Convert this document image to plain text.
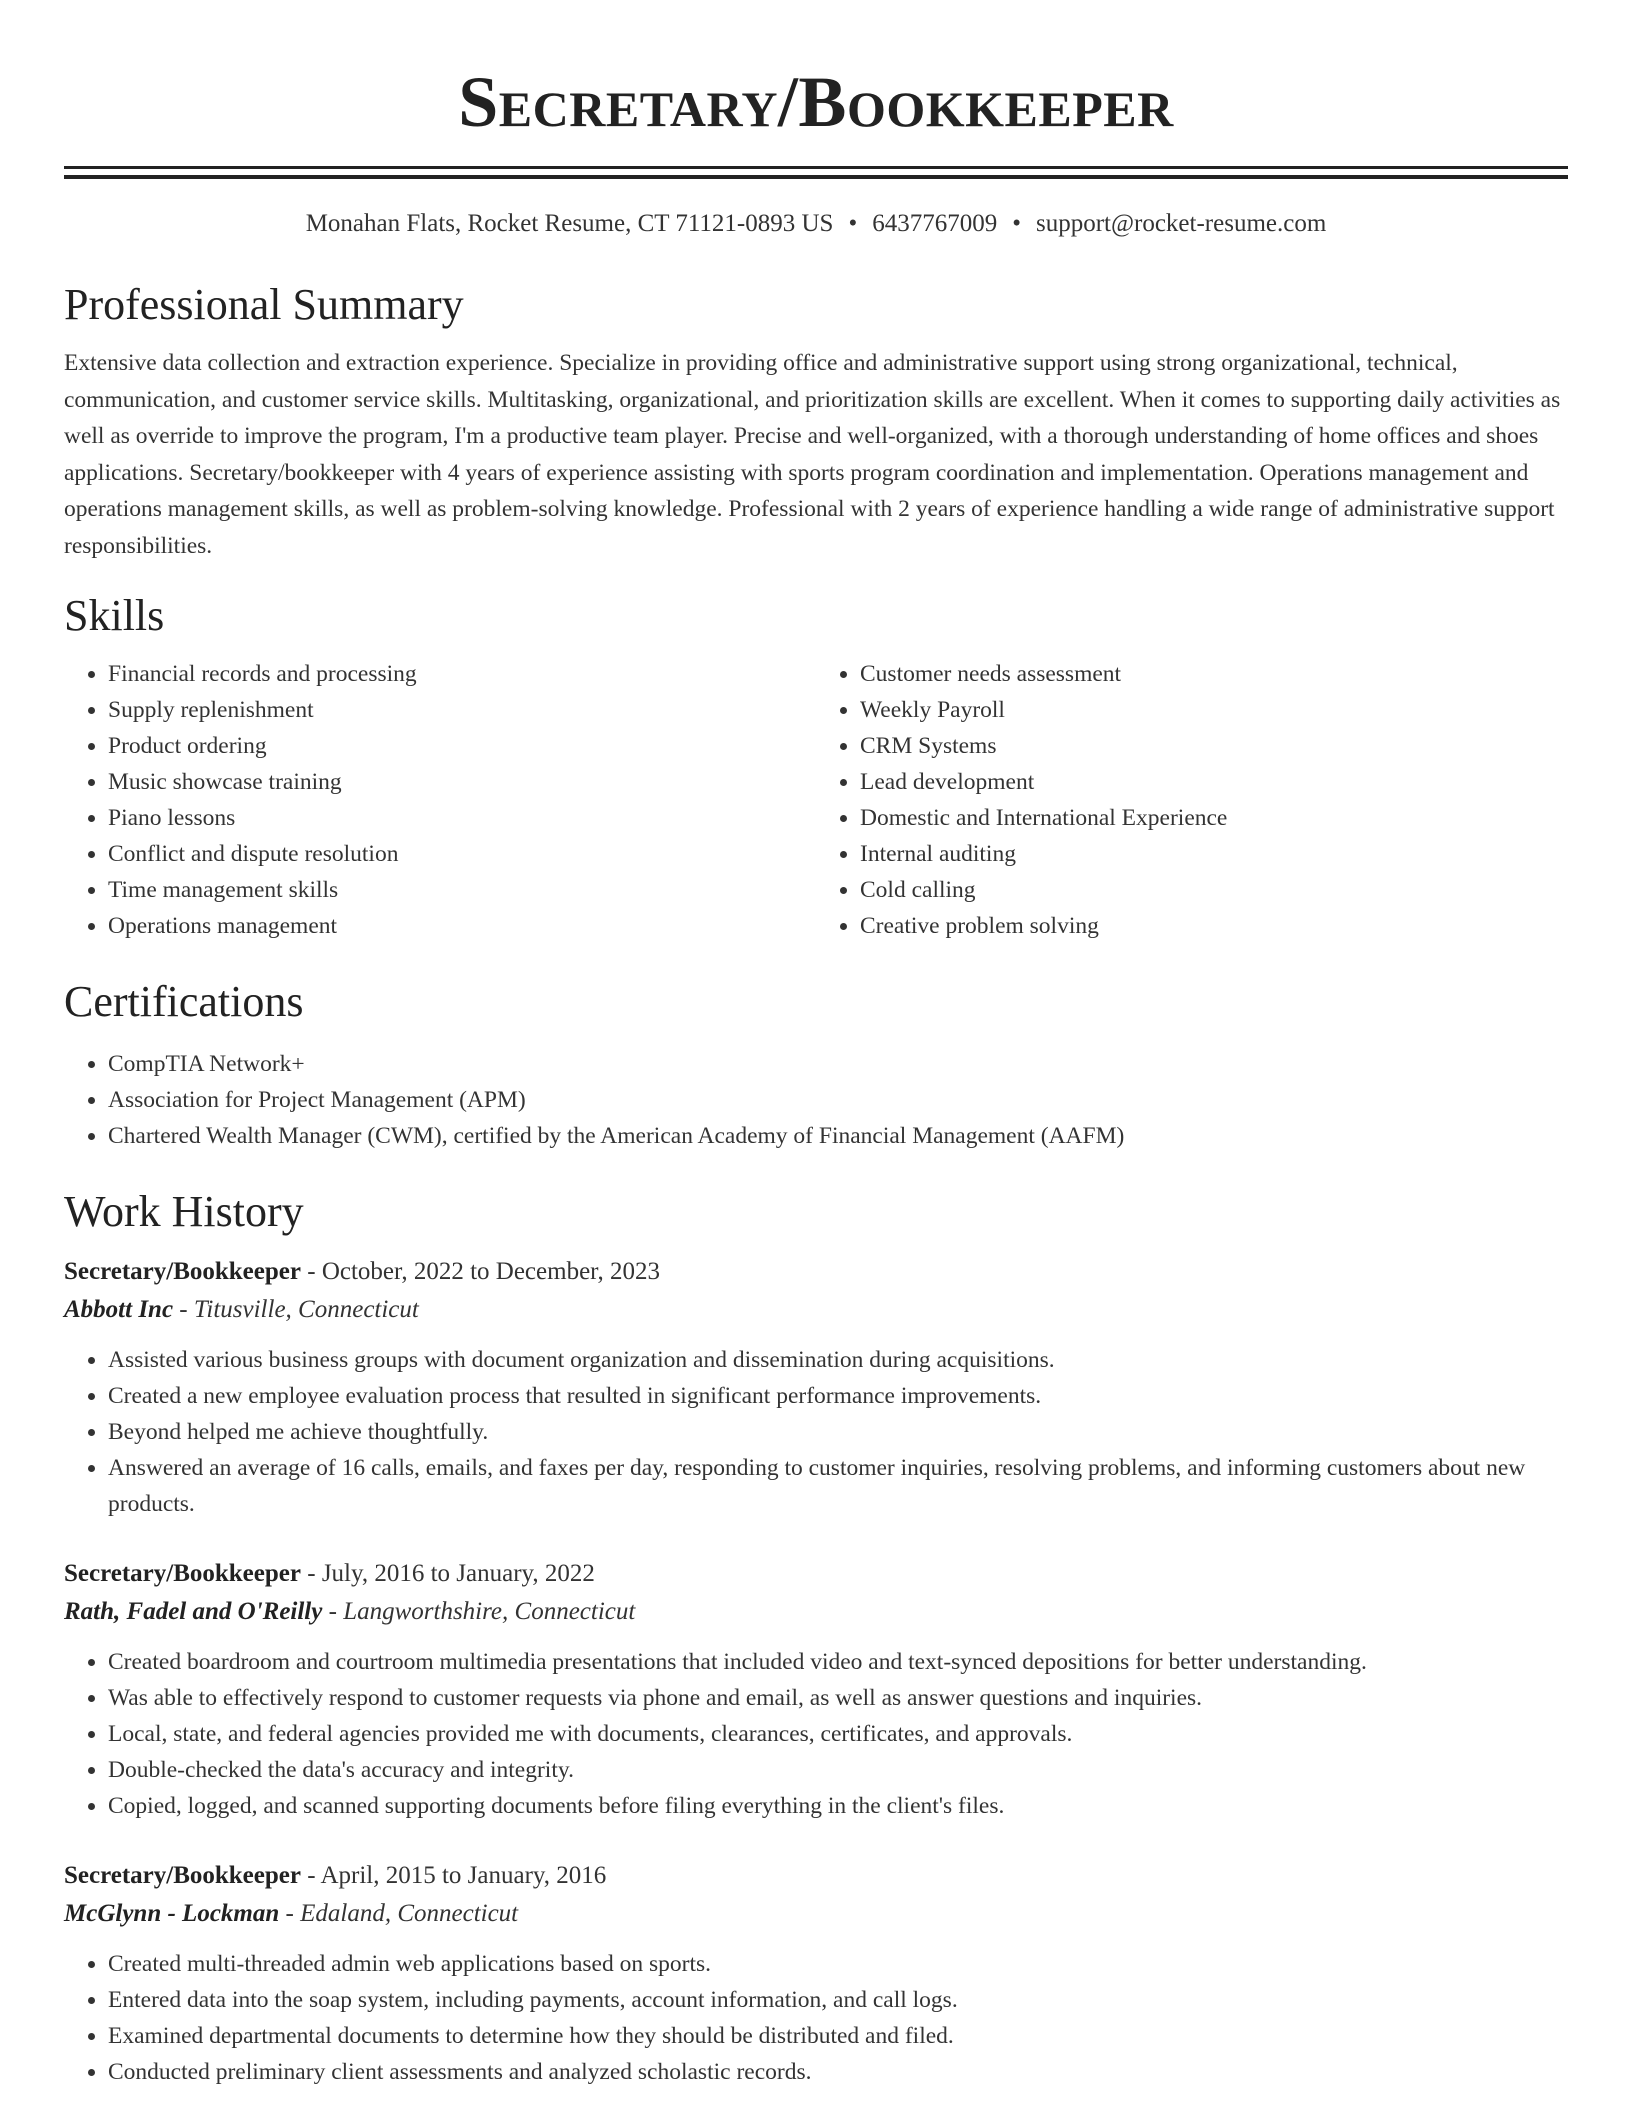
Secretary/Bookkeeper
Monahan Flats, Rocket Resume, CT 71121-0893 US • 6437767009 • support@rocket-resume.com
Professional Summary

Extensive data collection and extraction experience. Specialize in providing office and administrative support using strong organizational, technical, communication, and customer service skills. Multitasking, organizational, and prioritization skills are excellent. When it comes to supporting daily activities as well as override to improve the program, I'm a productive team player. Precise and well-organized, with a thorough understanding of home offices and shoes applications. Secretary/bookkeeper with 4 years of experience assisting with sports program coordination and implementation. Operations management and operations management skills, as well as problem-solving knowledge. Professional with 2 years of experience handling a wide range of administrative support responsibilities.

Skills
• Financial records and processing
• Supply replenishment
• Product ordering
• Music showcase training
• Piano lessons
• Conflict and dispute resolution
• Time management skills
• Operations management
• Customer needs assessment
• Weekly Payroll
• CRM Systems
• Lead development
• Domestic and International Experience
• Internal auditing
• Cold calling
• Creative problem solving
Certifications
• CompTIA Network+
• Association for Project Management (APM)
• Chartered Wealth Manager (CWM), certified by the American Academy of Financial Management (AAFM)
Work History
Secretary/Bookkeeper - October, 2022 to December, 2023
Abbott Inc - Titusville, Connecticut
• Assisted various business groups with document organization and dissemination during acquisitions.
• Created a new employee evaluation process that resulted in significant performance improvements.
• Beyond helped me achieve thoughtfully.
• Answered an average of 16 calls, emails, and faxes per day, responding to customer inquiries, resolving problems, and informing customers about new products.
Secretary/Bookkeeper - July, 2016 to January, 2022
Rath, Fadel and O'Reilly - Langworthshire, Connecticut
• Created boardroom and courtroom multimedia presentations that included video and text-synced depositions for better understanding.
• Was able to effectively respond to customer requests via phone and email, as well as answer questions and inquiries.
• Local, state, and federal agencies provided me with documents, clearances, certificates, and approvals.
• Double-checked the data's accuracy and integrity.
• Copied, logged, and scanned supporting documents before filing everything in the client's files.
Secretary/Bookkeeper - April, 2015 to January, 2016
McGlynn - Lockman - Edaland, Connecticut
• Created multi-threaded admin web applications based on sports.
• Entered data into the soap system, including payments, account information, and call logs.
• Examined departmental documents to determine how they should be distributed and filed.
• Conducted preliminary client assessments and analyzed scholastic records.
